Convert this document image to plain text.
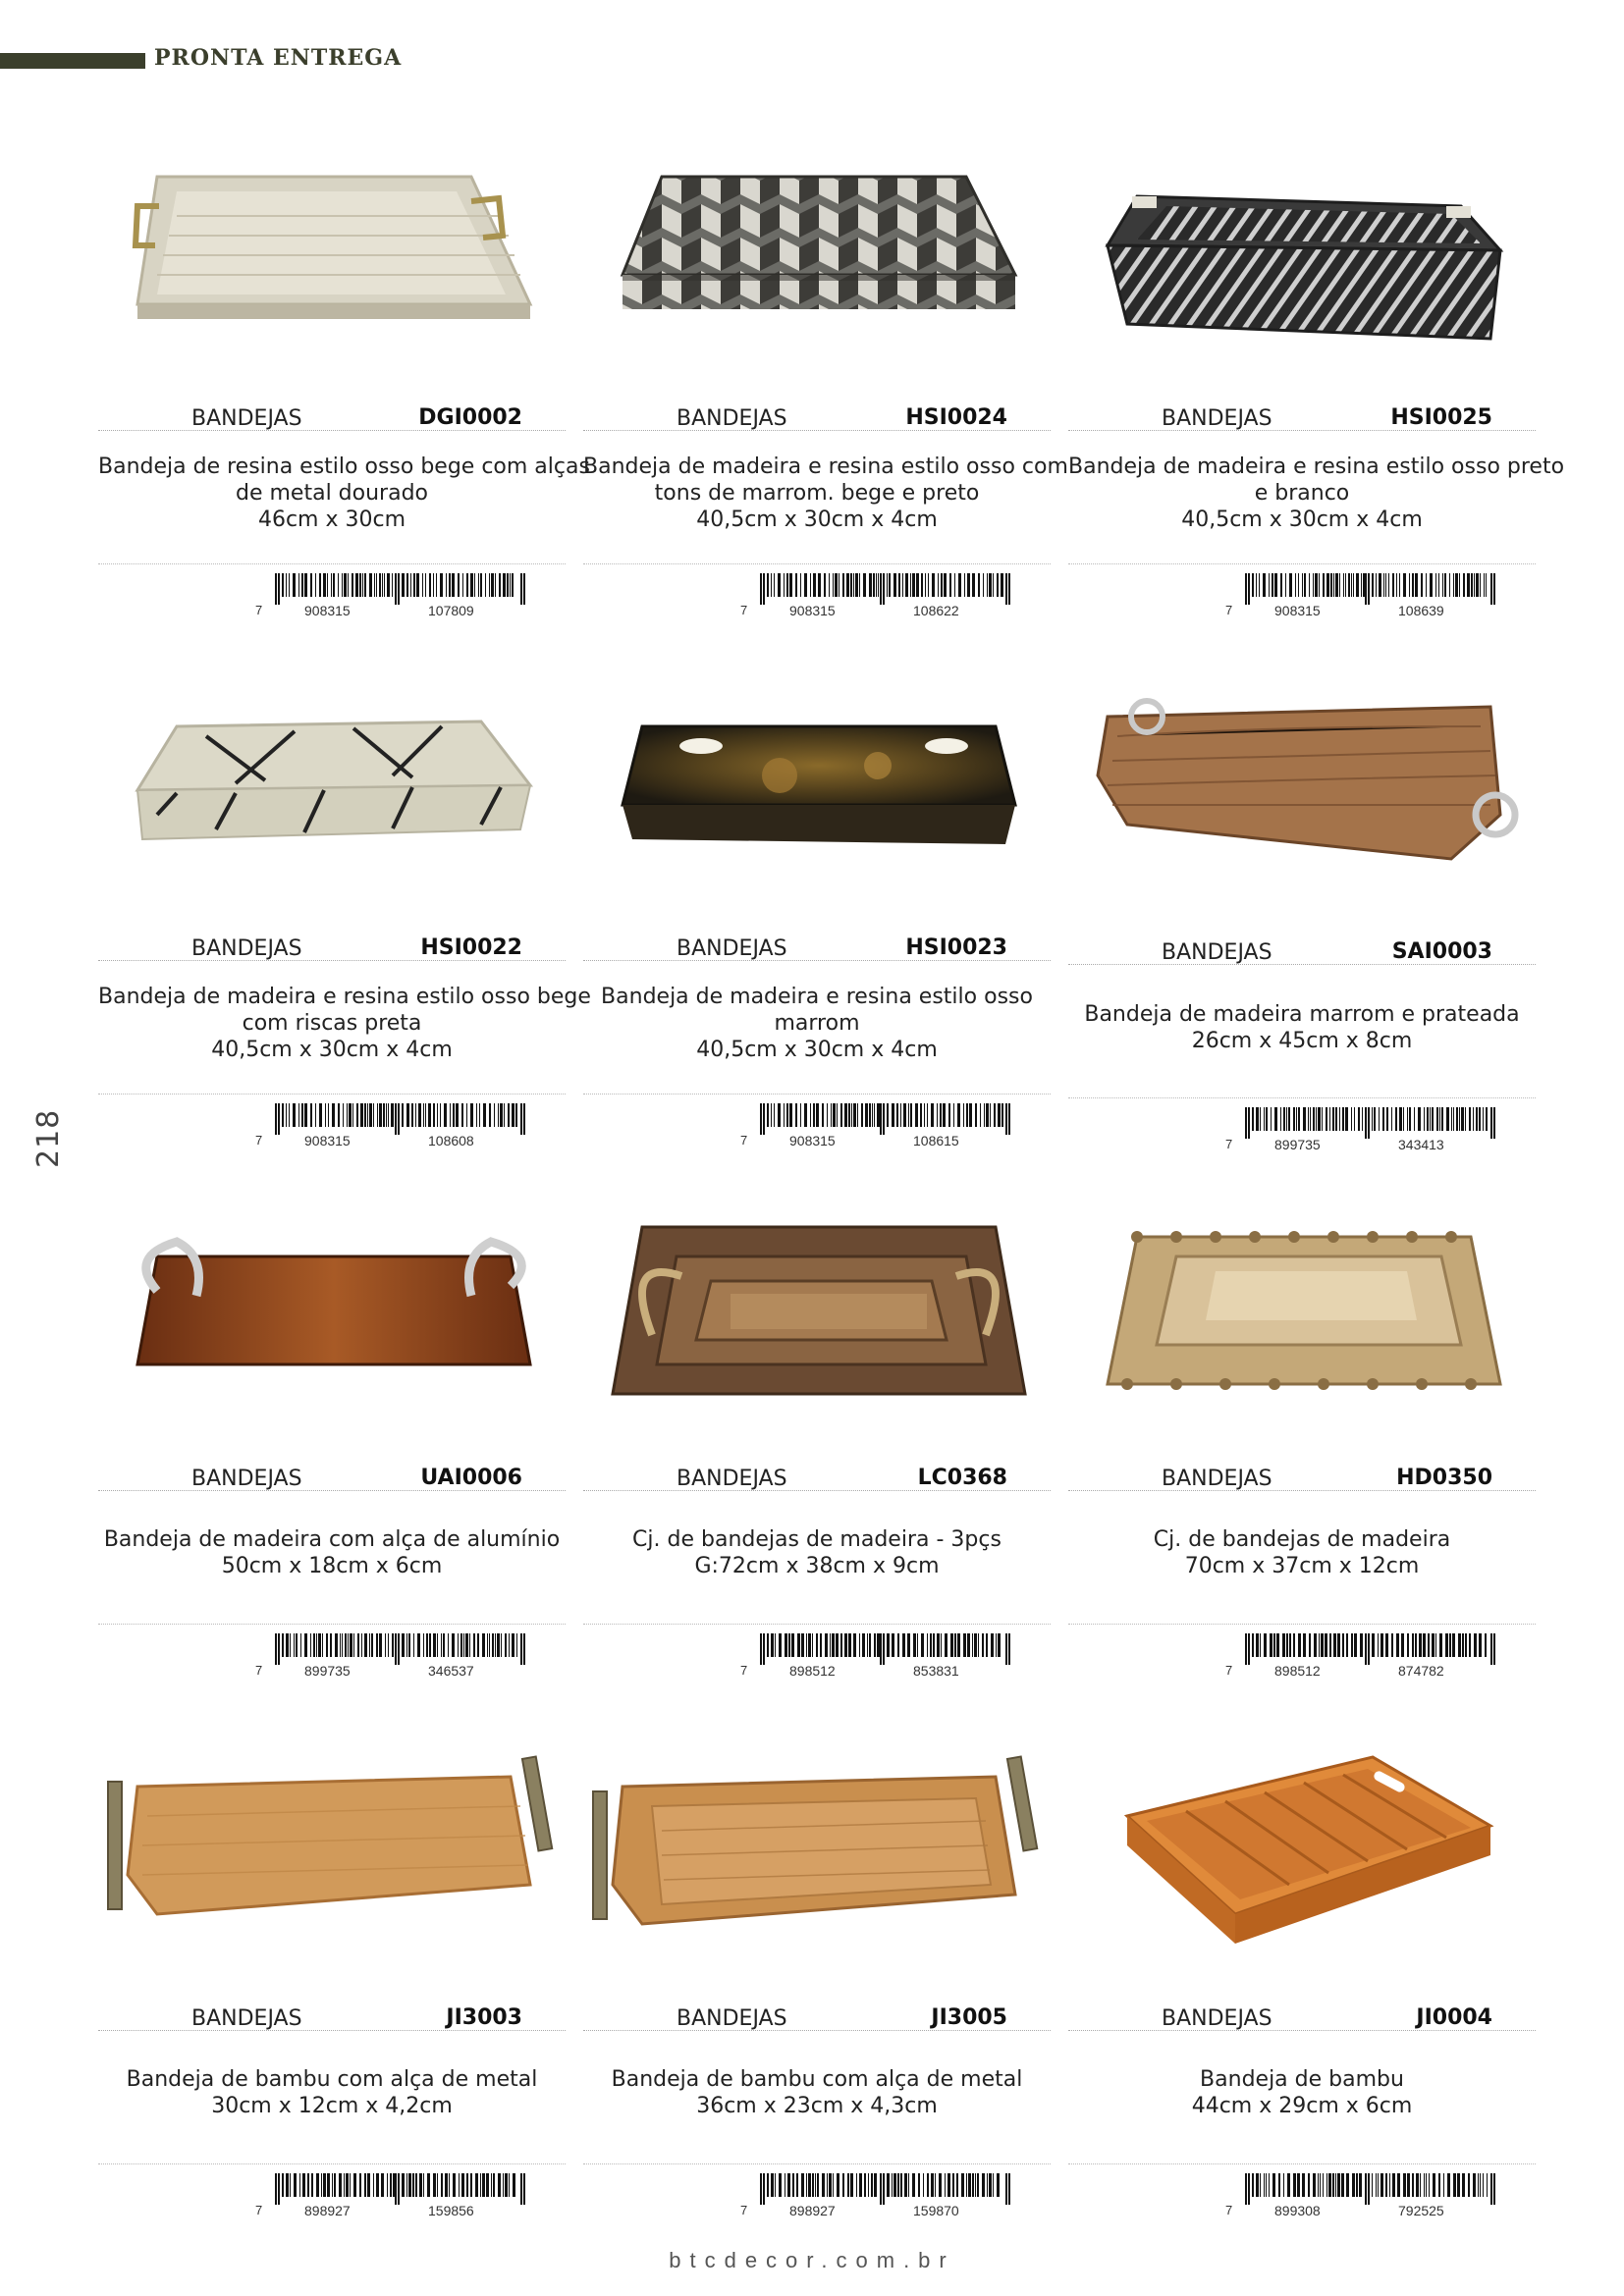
PRONTA ENTREGA
218
BANDEJAS	DGI0002
Bandeja de resina estilo osso bege com alças
de metal dourado
46cm x 30cm
7	908315	107809
BANDEJAS	HSI0024
Bandeja de madeira e resina estilo osso com
tons de marrom. bege e preto
40,5cm x 30cm x 4cm
7	908315	108622
BANDEJAS	HSI0025
Bandeja de madeira e resina estilo osso preto
e branco
40,5cm x 30cm x 4cm
7	908315	108639
BANDEJAS	HSI0022
Bandeja de madeira e resina estilo osso bege
com riscas preta
40,5cm x 30cm x 4cm
7	908315	108608
BANDEJAS	HSI0023
Bandeja de madeira e resina estilo osso
marrom
40,5cm x 30cm x 4cm
7	908315	108615
BANDEJAS	SAI0003
Bandeja de madeira marrom e prateada
26cm x 45cm x 8cm
7	899735	343413
BANDEJAS	UAI0006
Bandeja de madeira com alça de alumínio
50cm x 18cm x 6cm
7	899735	346537
BANDEJAS	LC0368
Cj. de bandejas de madeira - 3pçs
G:72cm x 38cm x 9cm
7	898512	853831
BANDEJAS	HD0350
Cj. de bandejas de madeira
70cm x 37cm x 12cm
7	898512	874782
BANDEJAS	JI3003
Bandeja de bambu com alça de metal
30cm x 12cm x 4,2cm
7	898927	159856
BANDEJAS	JI3005
Bandeja de bambu com alça de metal
36cm x 23cm x 4,3cm
7	898927	159870
BANDEJAS	JI0004
Bandeja de bambu
44cm x 29cm x 6cm
7	899308	792525
btcdecor.com.br
